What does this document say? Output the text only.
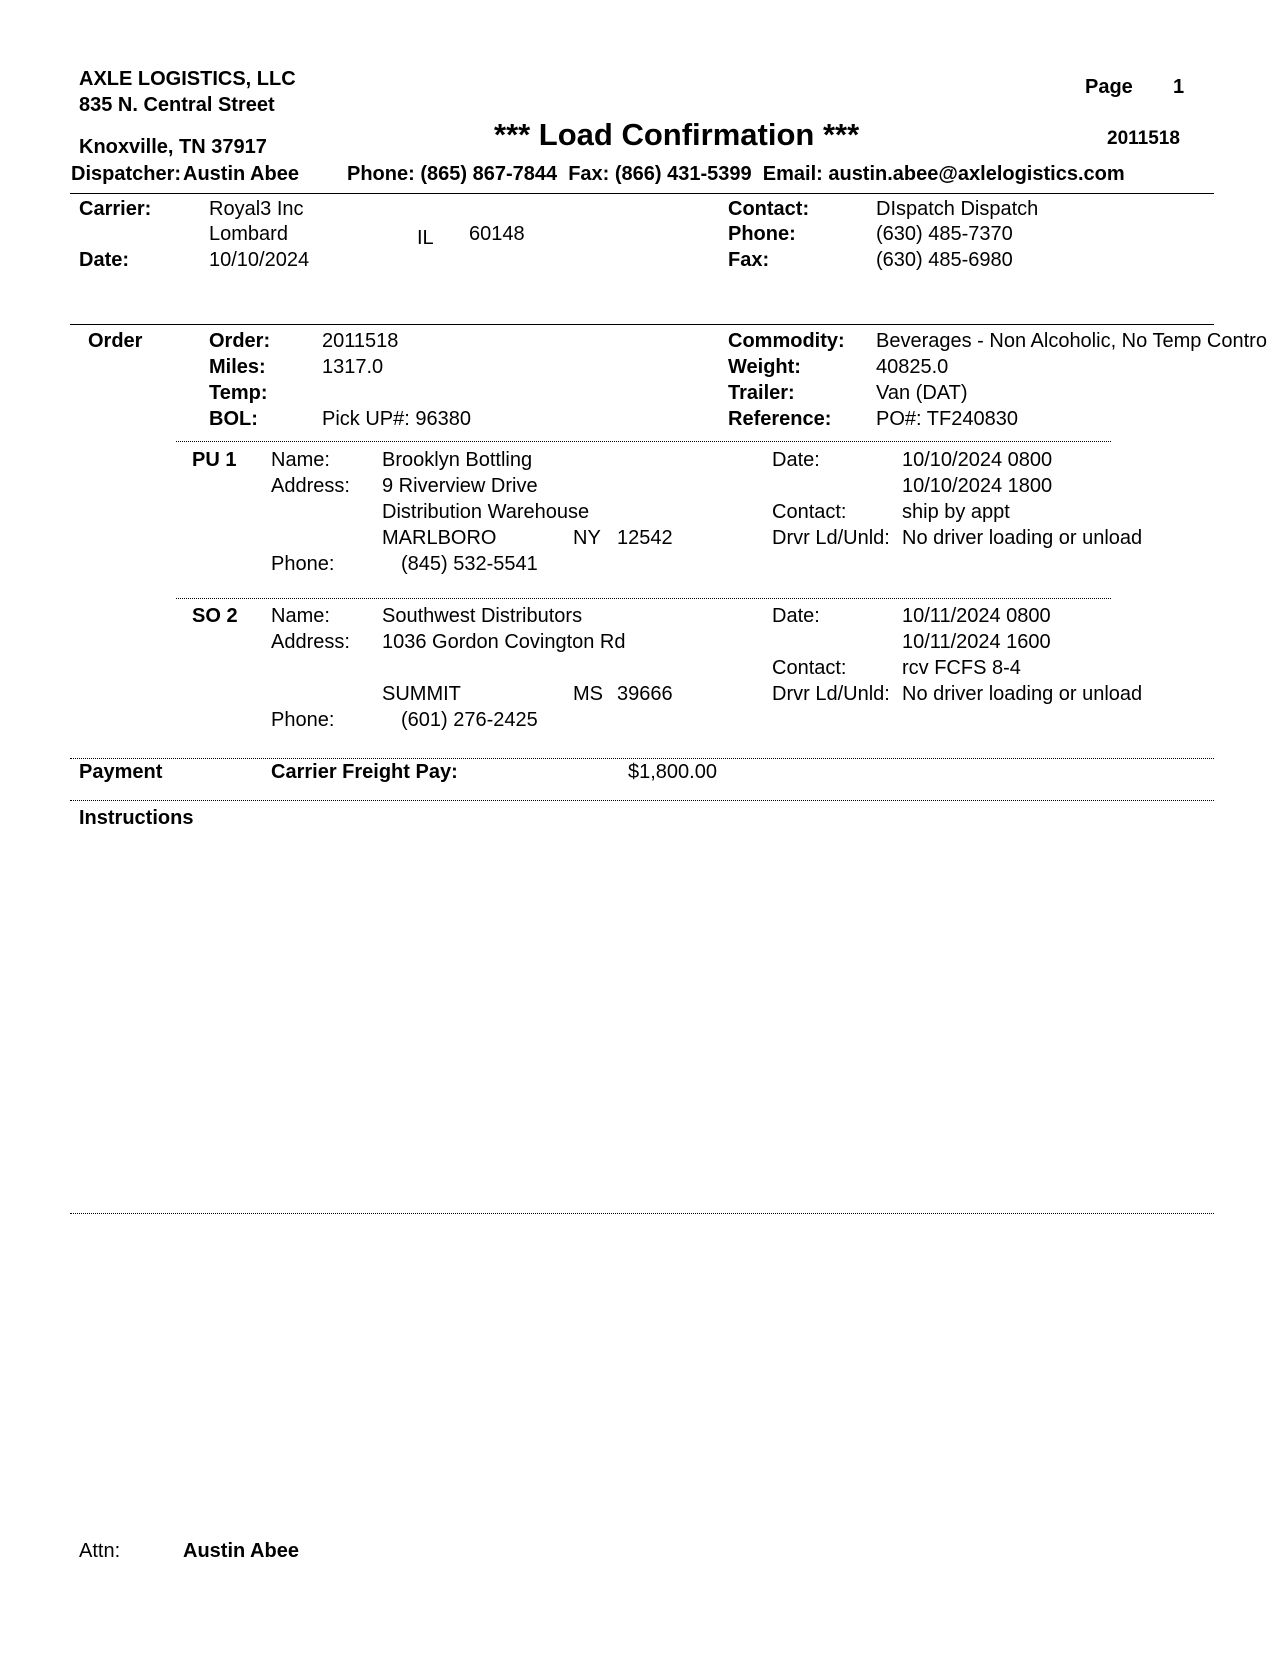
AXLE LOGISTICS, LLC
835 N. Central Street
Knoxville, TN 37917
Page 1
*** Load Confirmation ***	2011518
Dispatcher: Austin Abee Phone: (865) 867-7844  Fax: (866) 431-5399  Email: austin.abee@axlelogistics.com
Carrier:	Royal3 Inc
Lombard	IL 60148
Date:	10/10/2024
Contact:	DIspatch Dispatch
Phone:	(630) 485-7370
Fax:	(630) 485-6980
Order	Order:	2011518
Miles:	1317.0
Temp:
BOL:	Pick UP#: 96380
Commodity: Beverages - Non Alcoholic, No Temp Contro
Weight:	40825.0
Trailer:	Van (DAT)
Reference: PO#: TF240830
PU 1 Name:	Brooklyn Bottling
Address: 9 Riverview Drive
Distribution Warehouse
MARLBORO	NY 12542
Phone:	(845) 532-5541
Date:	10/10/2024 0800
10/10/2024 1800
Contact:	ship by appt
Drvr Ld/Unld: No driver loading or unload
SO 2 Name:	Southwest Distributors
Address: 1036 Gordon Covington Rd
SUMMIT	MS 39666
Phone:	(601) 276-2425
Date:	10/11/2024 0800
10/11/2024 1600
Contact:	rcv FCFS 8-4
Drvr Ld/Unld: No driver loading or unload
Payment	Carrier Freight Pay:	$1,800.00
Instructions
Attn:	Austin Abee
